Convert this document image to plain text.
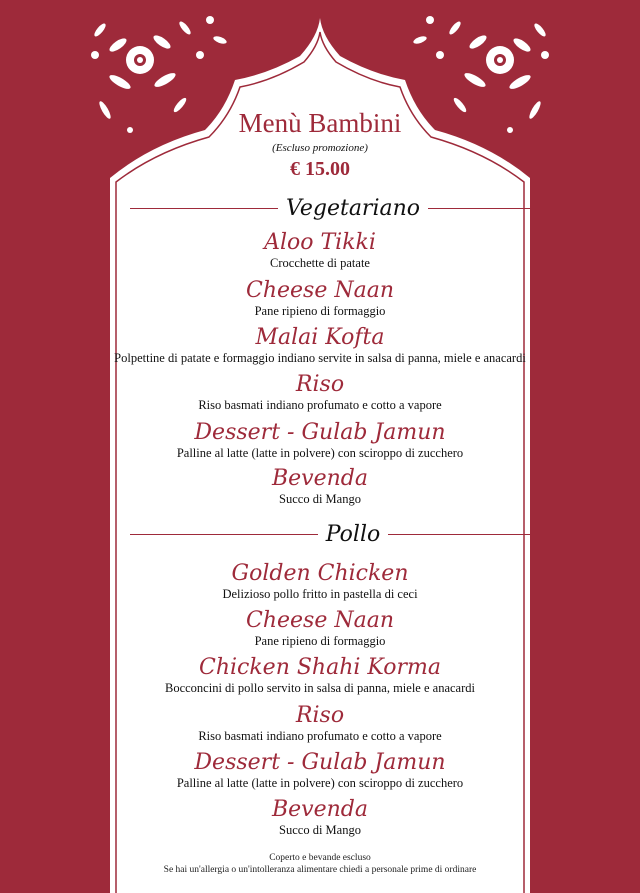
Menù Bambini
(Escluso promozione)
€ 15.00
Vegetariano
Aloo Tikki
Crocchette di patate
Cheese Naan
Pane ripieno di formaggio
Malai Kofta
Polpettine di patate e formaggio indiano servite in salsa di panna, miele e anacardi
Riso
Riso basmati indiano profumato e cotto a vapore
Dessert - Gulab Jamun
Palline al latte (latte in polvere) con sciroppo di zucchero
Bevenda
Succo di Mango
Pollo
Golden Chicken
Delizioso pollo fritto in pastella di ceci
Cheese Naan
Pane ripieno di formaggio
Chicken Shahi Korma
Bocconcini di pollo servito in salsa di panna, miele e anacardi
Riso
Riso basmati indiano profumato e cotto a vapore
Dessert - Gulab Jamun
Palline al latte (latte in polvere) con sciroppo di zucchero
Bevenda
Succo di Mango
Coperto e bevande escluso
Se hai un'allergia o un'intolleranza alimentare chiedi a personale prime di ordinare
